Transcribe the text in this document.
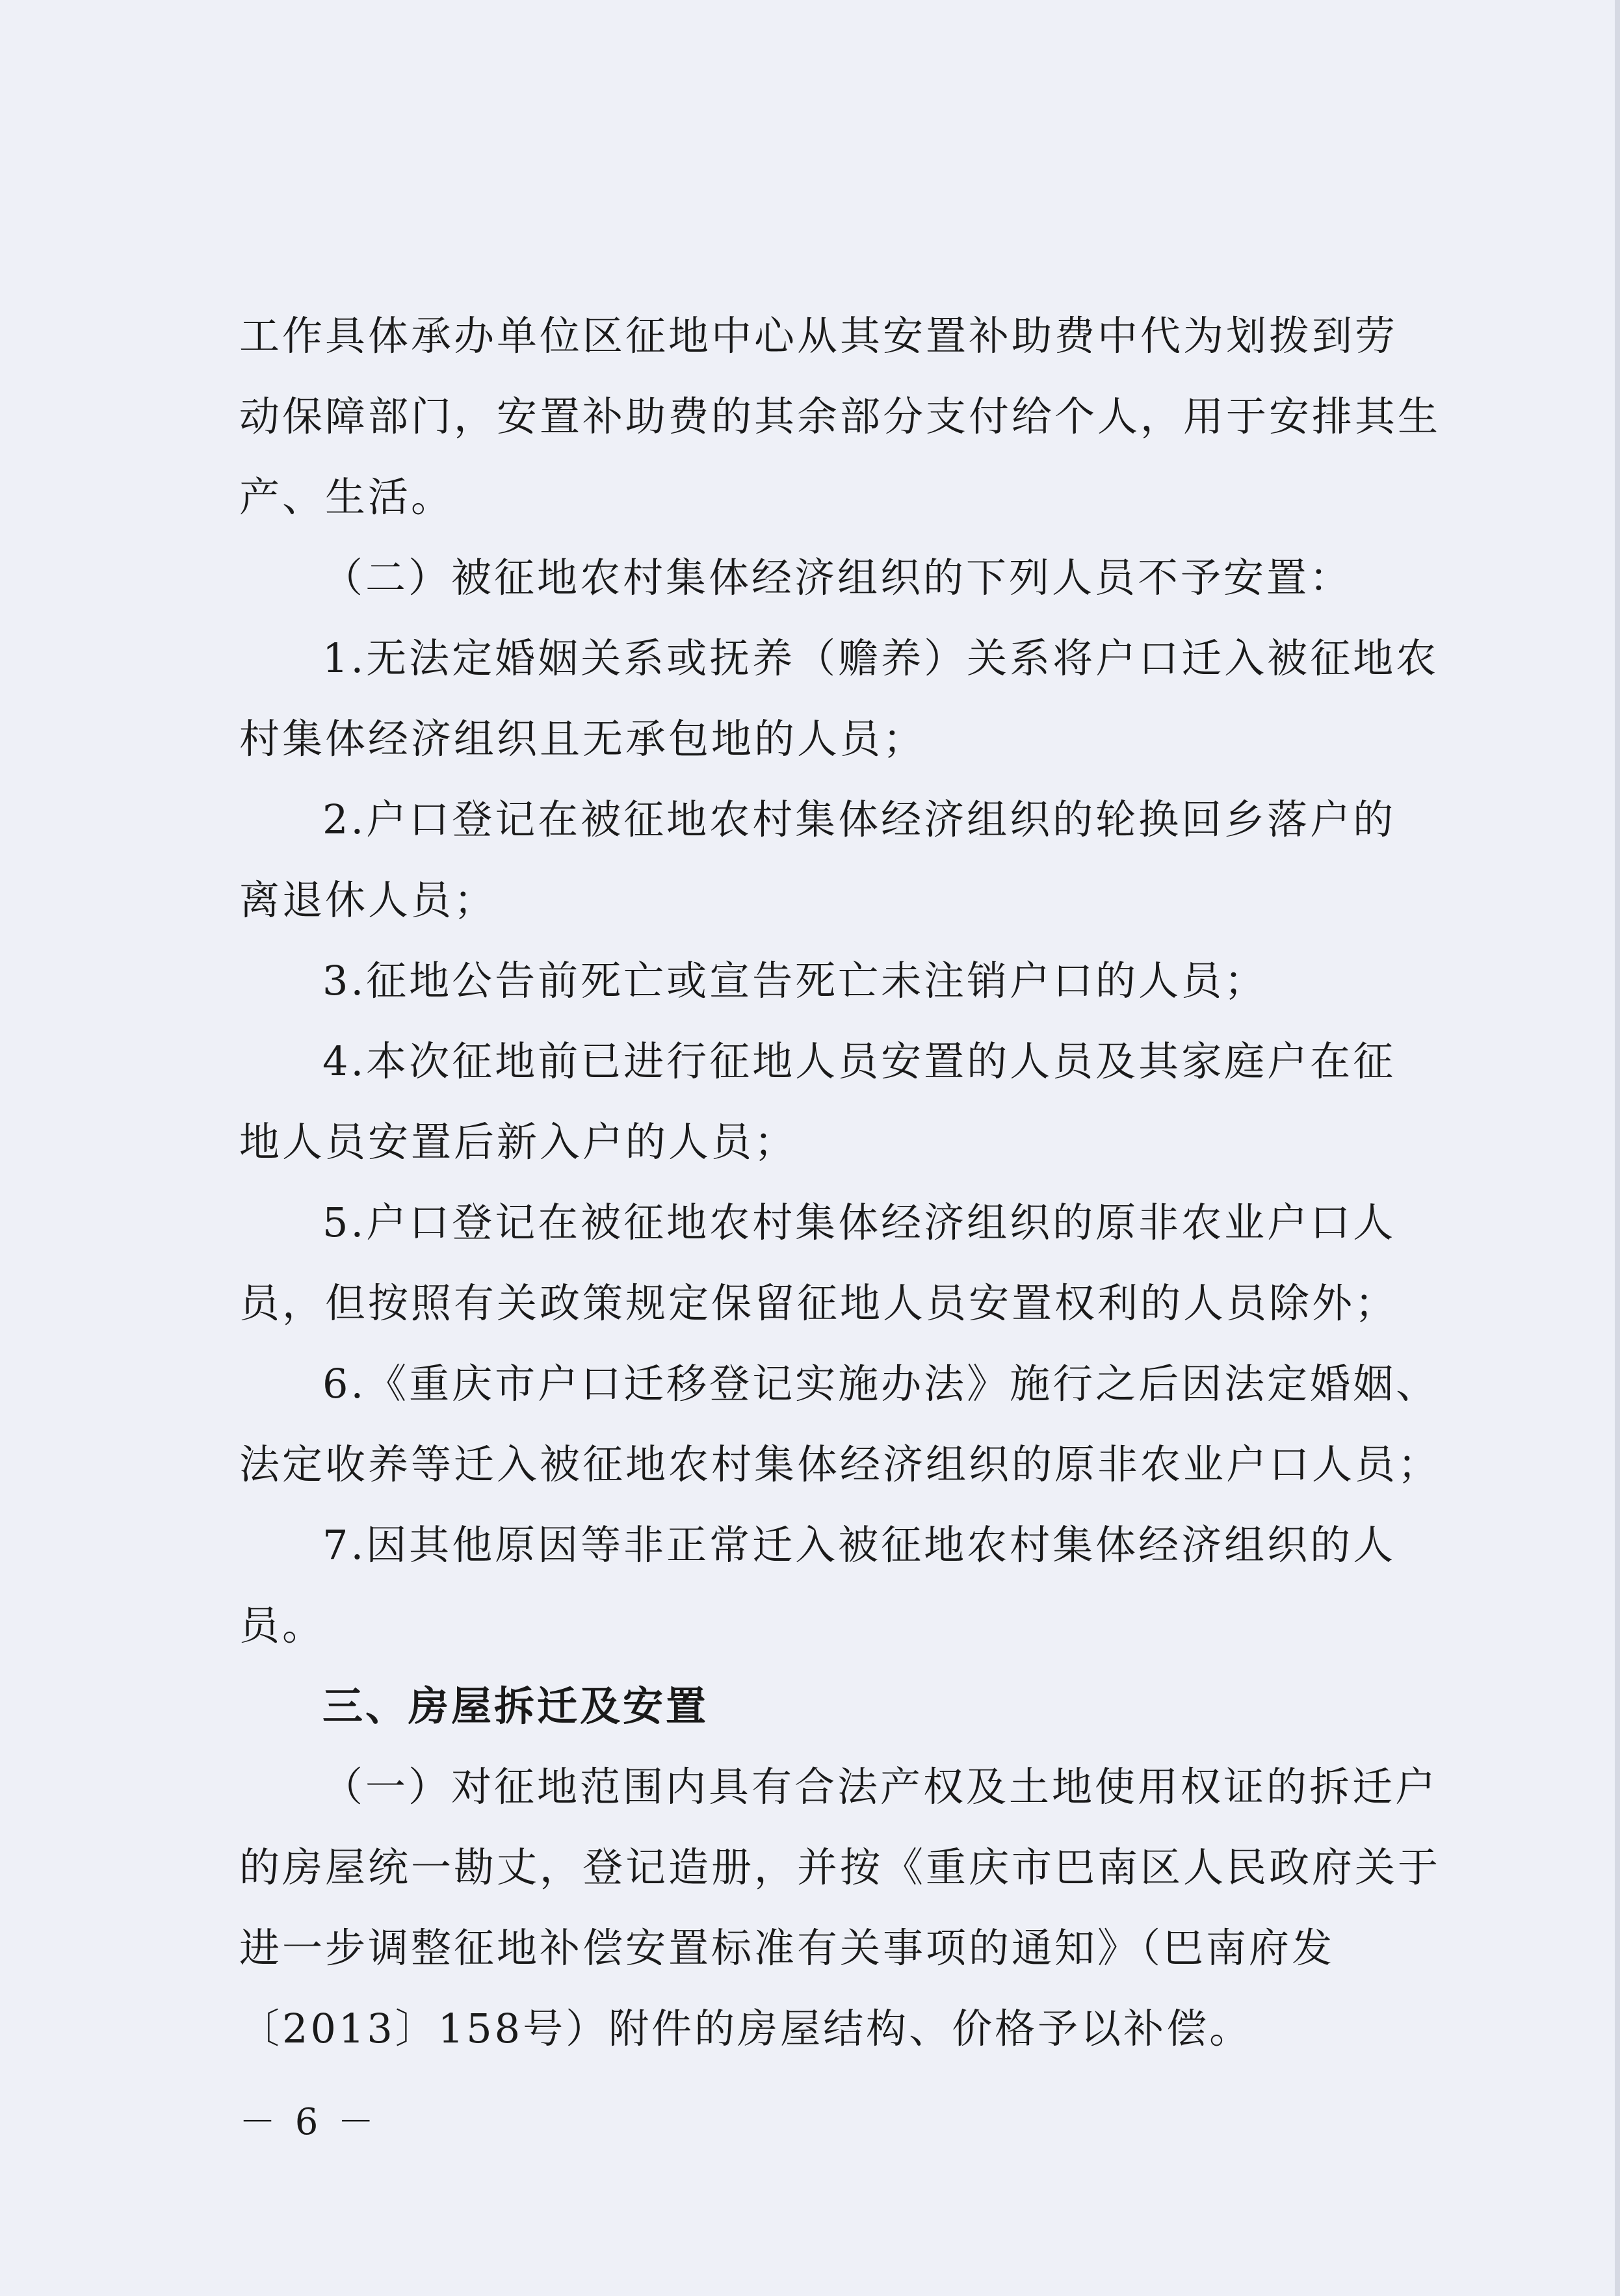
工作具体承办单位区征地中心从其安置补助费中代为划拨到劳
动保障部门，安置补助费的其余部分支付给个人，用于安排其生
产、生活。
（二）被征地农村集体经济组织的下列人员不予安置：
1.无法定婚姻关系或抚养（赡养）关系将户口迁入被征地农
村集体经济组织且无承包地的人员；
2.户口登记在被征地农村集体经济组织的轮换回乡落户的
离退休人员；
3.征地公告前死亡或宣告死亡未注销户口的人员；
4.本次征地前已进行征地人员安置的人员及其家庭户在征
地人员安置后新入户的人员；
5.户口登记在被征地农村集体经济组织的原非农业户口人
员，但按照有关政策规定保留征地人员安置权利的人员除外；
6.《重庆市户口迁移登记实施办法》施行之后因法定婚姻、
法定收养等迁入被征地农村集体经济组织的原非农业户口人员；
7.因其他原因等非正常迁入被征地农村集体经济组织的人
员。
三、房屋拆迁及安置
（一）对征地范围内具有合法产权及土地使用权证的拆迁户
的房屋统一勘丈，登记造册，并按《重庆市巴南区人民政府关于
进一步调整征地补偿安置标准有关事项的通知》（巴南府发
〔2013〕158号）附件的房屋结构、价格予以补偿。
－ 6 －
